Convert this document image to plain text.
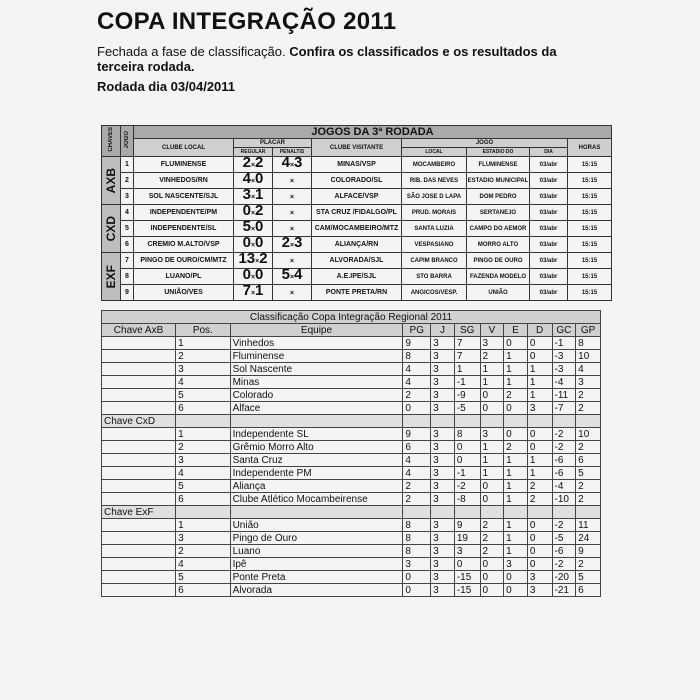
COPA INTEGRAÇÃO 2011
Fechada a fase de classificação. Confira os classificados e os resultados da terceira rodada.
Rodada dia 03/04/2011
CHAVES	JOGO	JOGOS DA 3ª RODADA							
		CLUBE LOCAL	PLACAR		CLUBE VISITANTE	JOGO			HORAS
			REGULAR	PENALTIS		LOCAL	ESTADIO DO	DIA	
AXB	1	FLUMINENSE	2×2	4×3	MINAS/VSP	MOCAMBEIRO	FLUMINENSE	03/abr	15:15
	2	VINHEDOS/RN	4×0	×	COLORADO/SL	RIB. DAS NEVES	ESTADIO MUNICIPAL	03/abr	15:15
	3	SOL NASCENTE/SJL	3×1	×	ALFACE/VSP	SÃO JOSE D LAPA	DOM PEDRO	03/abr	15:15
CXD	4	INDEPENDENTE/PM	0×2	×	STA CRUZ /FIDALGO/PL	PRUD. MORAIS	SERTANEJO	03/abr	15:15
	5	INDEPENDENTE/SL	5×0	×	CAM/MOCAMBEIRO/MTZ	SANTA LUZIA	CAMPO DO AEMOR	03/abr	15:15
	6	CREMIO M.ALTO/VSP	0×0	2×3	ALIANÇA/RN	VESPASIANO	MORRO ALTO	03/abr	15:15
EXF	7	PINGO DE OURO/CM/MTZ	13×2	×	ALVORADA/SJL	CAPIM BRANCO	PINGO DE OURO	03/abr	15:15
	8	LUANO/PL	0×0	5×4	A.E.IPE/SJL	STO BARRA	FAZENDA MODELO	03/abr	15:15
	9	UNIÃO/VES	7×1	×	PONTE PRETA/RN	ANGICOS/VESP.	UNIÃO	03/abr	15:15
Classificação Copa Integração Regional 2011										
Chave AxB	Pos.	Equipe	PG	J	SG	V	E	D	GC	GP
	1	Vinhedos	9	3	7	3	0	0	-1	8
	2	Fluminense	8	3	7	2	1	0	-3	10
	3	Sol Nascente	4	3	1	1	1	1	-3	4
	4	Minas	4	3	-1	1	1	1	-4	3
	5	Colorado	2	3	-9	0	2	1	-11	2
	6	Alface	0	3	-5	0	0	3	-7	2
Chave CxD										
	1	Independente SL	9	3	8	3	0	0	-2	10
	2	Grêmio Morro Alto	6	3	0	1	2	0	-2	2
	3	Santa Cruz	4	3	0	1	1	1	-6	6
	4	Independente PM	4	3	-1	1	1	1	-6	5
	5	Aliança	2	3	-2	0	1	2	-4	2
	6	Clube Atlético Mocambeirense	2	3	-8	0	1	2	-10	2
Chave ExF										
	1	União	8	3	9	2	1	0	-2	11
	3	Pingo de Ouro	8	3	19	2	1	0	-5	24
	2	Luano	8	3	3	2	1	0	-6	9
	4	Ipê	3	3	0	0	3	0	-2	2
	5	Ponte Preta	0	3	-15	0	0	3	-20	5
	6	Alvorada	0	3	-15	0	0	3	-21	6
